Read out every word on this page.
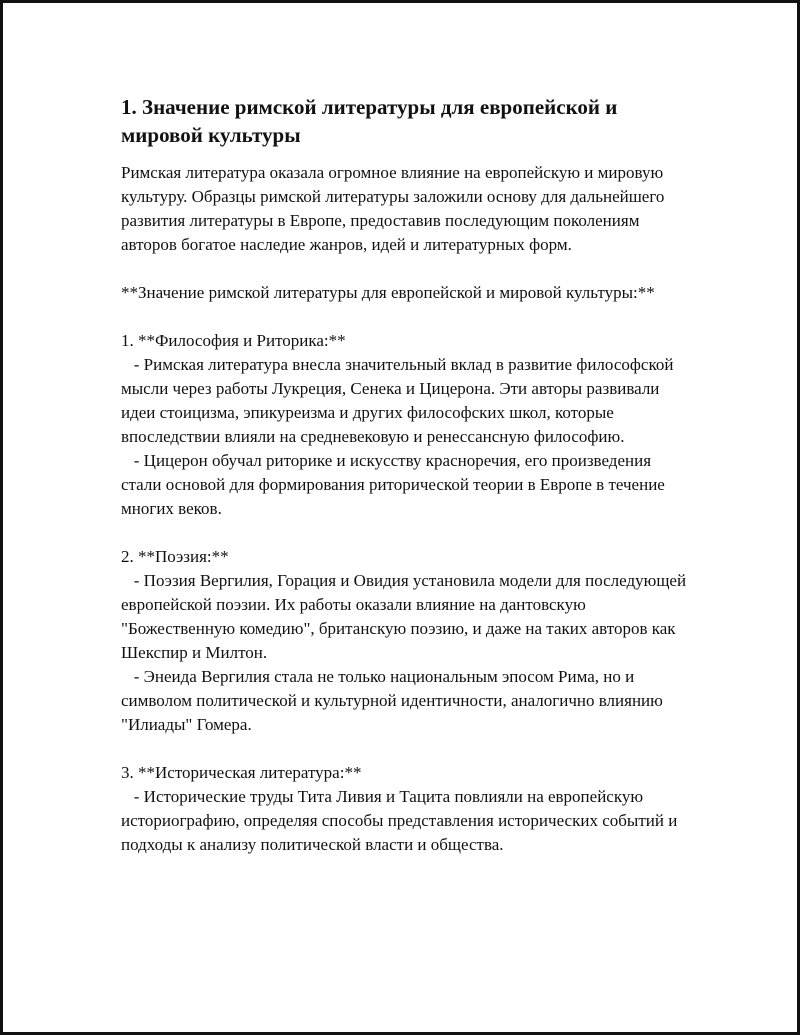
1. Значение римской литературы для европейской и мировой культуры

Римская литература оказала огромное влияние на европейскую и мировую культуру. Образцы римской литературы заложили основу для дальнейшего развития литературы в Европе, предоставив последующим поколениям авторов богатое наследие жанров, идей и литературных форм.

**Значение римской литературы для европейской и мировой культуры:**

1. **Философия и Риторика:**
- Римская литература внесла значительный вклад в развитие философской мысли через работы Лукреция, Сенека и Цицерона. Эти авторы развивали идеи стоицизма, эпикуреизма и других философских школ, которые впоследствии влияли на средневековую и ренессансную философию.
- Цицерон обучал риторике и искусству красноречия, его произведения стали основой для формирования риторической теории в Европе в течение многих веков.

2. **Поэзия:**
- Поэзия Вергилия, Горация и Овидия установила модели для последующей европейской поэзии. Их работы оказали влияние на дантовскую "Божественную комедию", британскую поэзию, и даже на таких авторов как Шекспир и Милтон.
- Энеида Вергилия стала не только национальным эпосом Рима, но и символом политической и культурной идентичности, аналогично влиянию "Илиады" Гомера.

3. **Историческая литература:**
- Исторические труды Тита Ливия и Тацита повлияли на европейскую историографию, определяя способы представления исторических событий и подходы к анализу политической власти и общества.
